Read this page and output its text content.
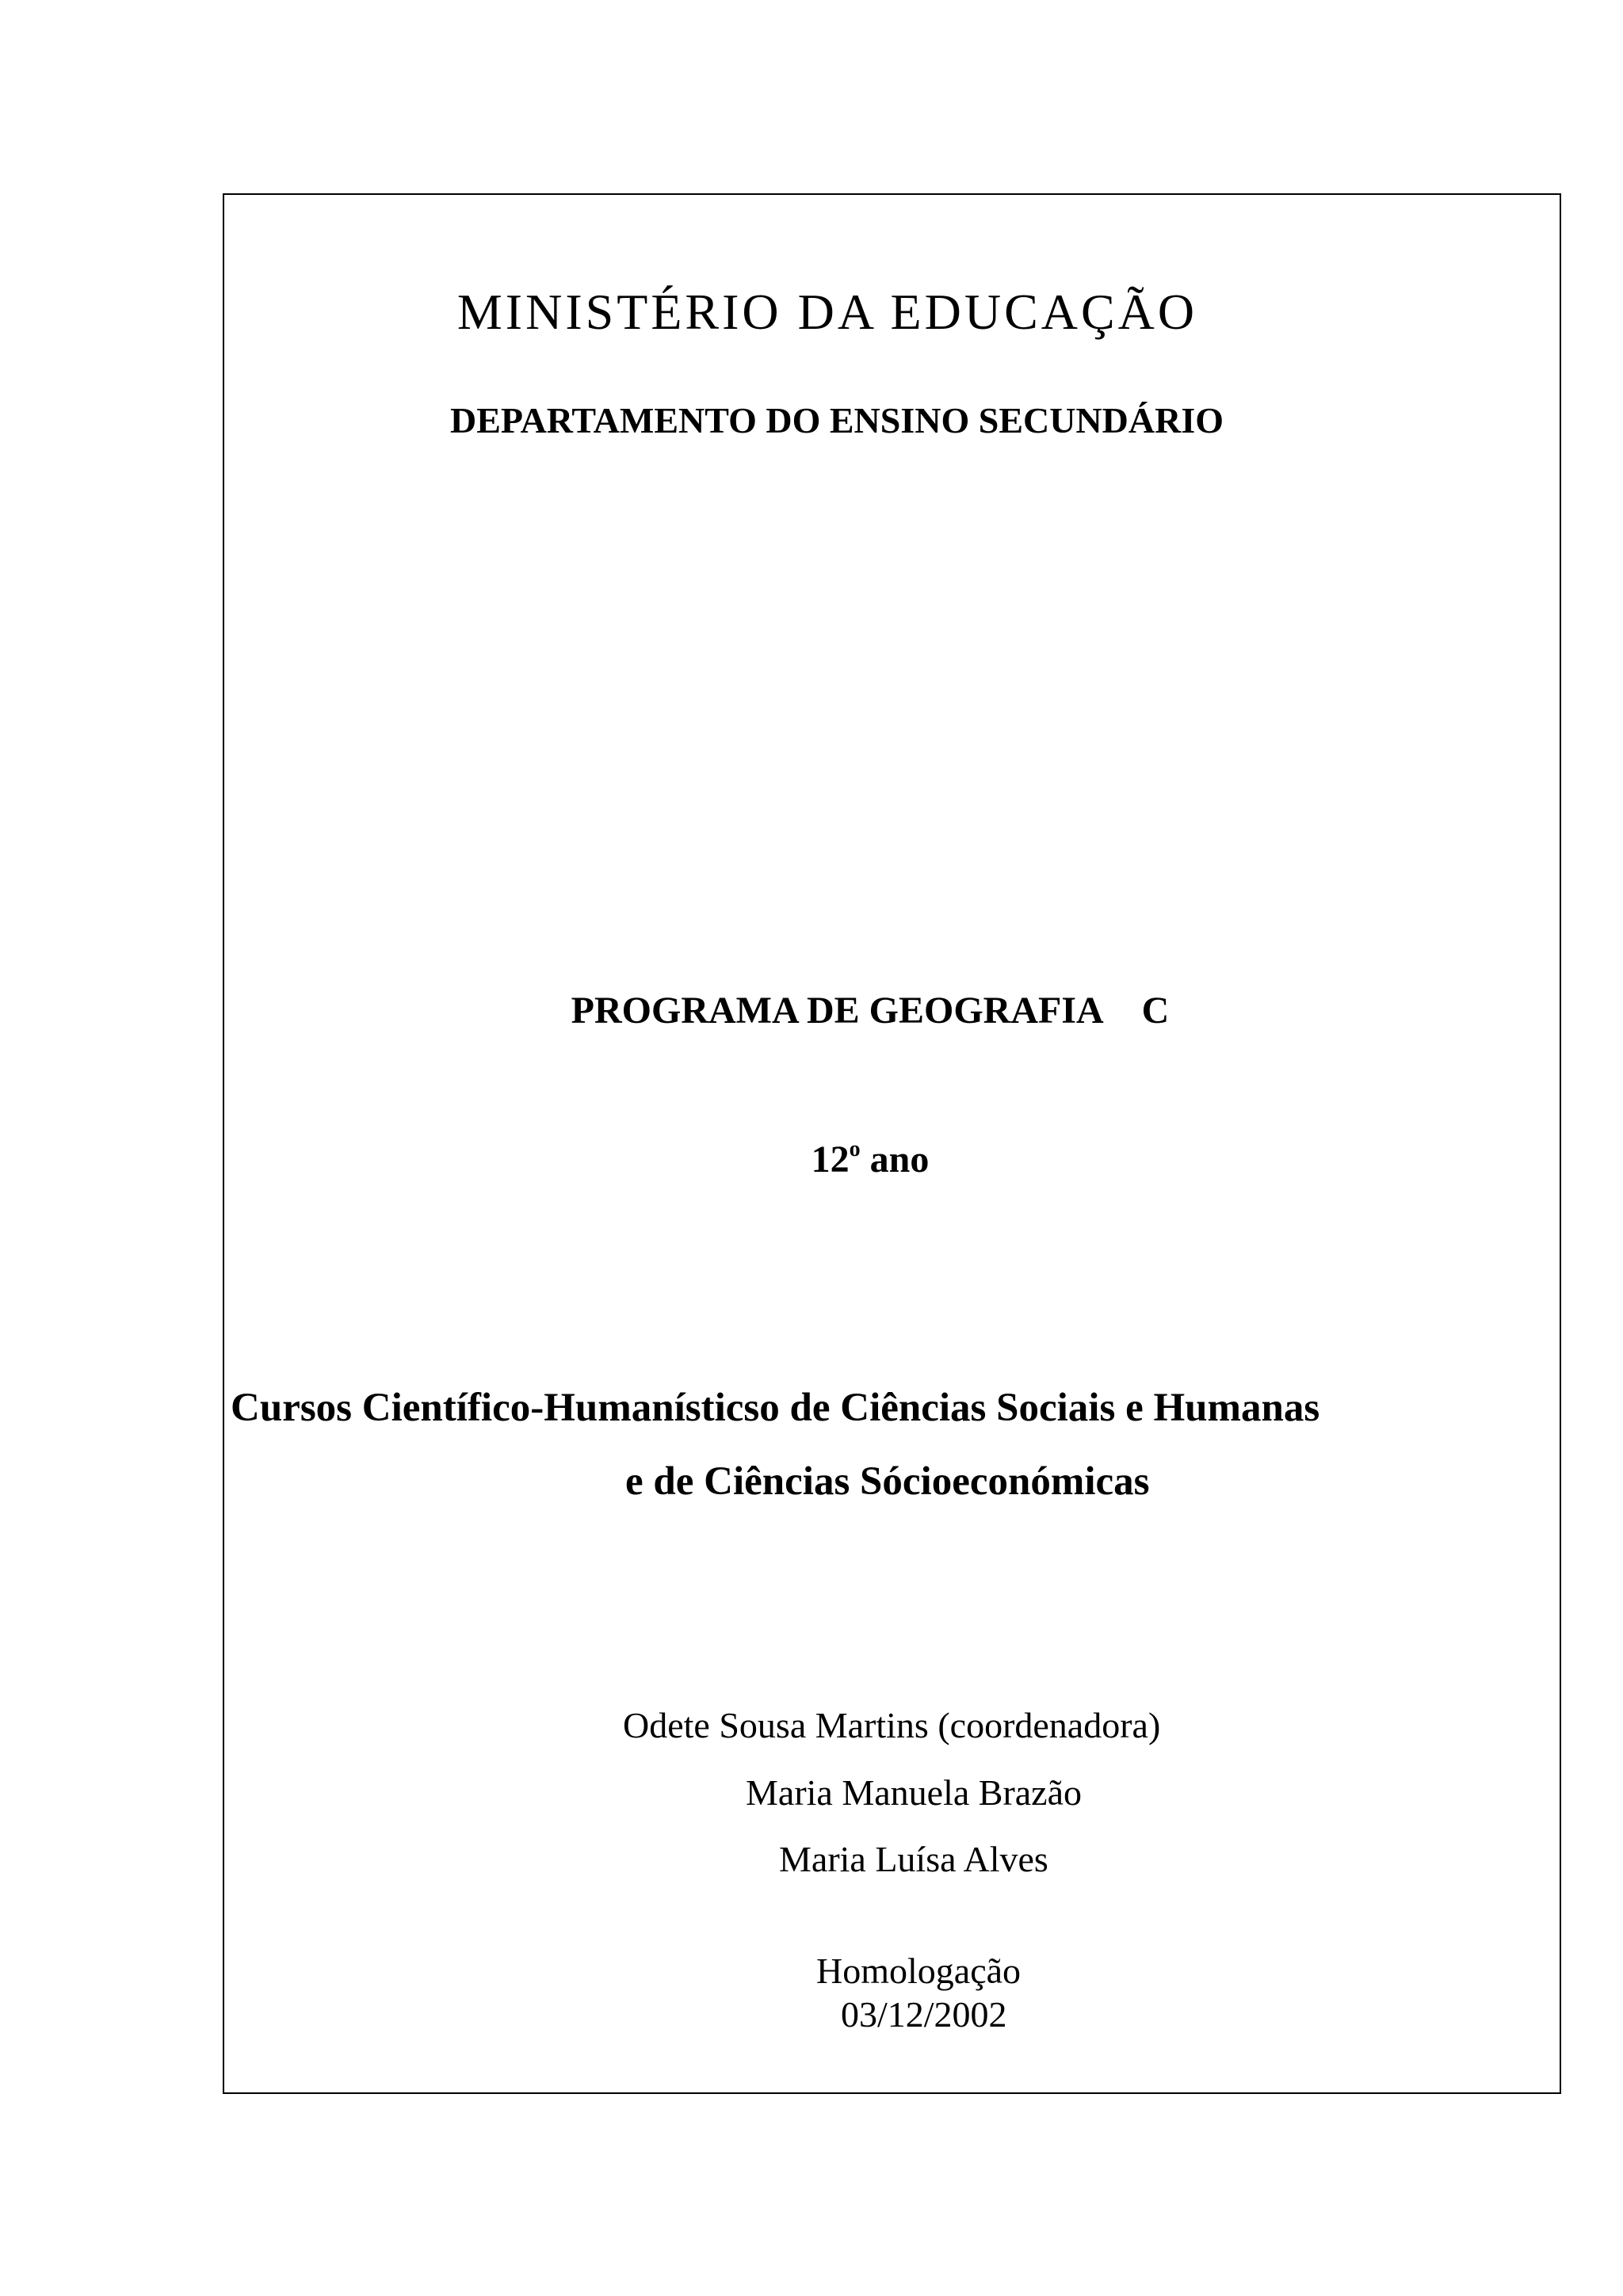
MINISTÉRIO DA EDUCAÇÃO
DEPARTAMENTO DO ENSINO SECUNDÁRIO
PROGRAMA DE GEOGRAFIA C
12$^o$ ano
Cursos Científico-Humanísticso de Ciências Sociais e Humanas
e de Ciências Sócioeconómicas
Odete Sousa Martins (coordenadora)
Maria Manuela Brazão
Maria Luísa Alves
Homologação
03/12/2002
